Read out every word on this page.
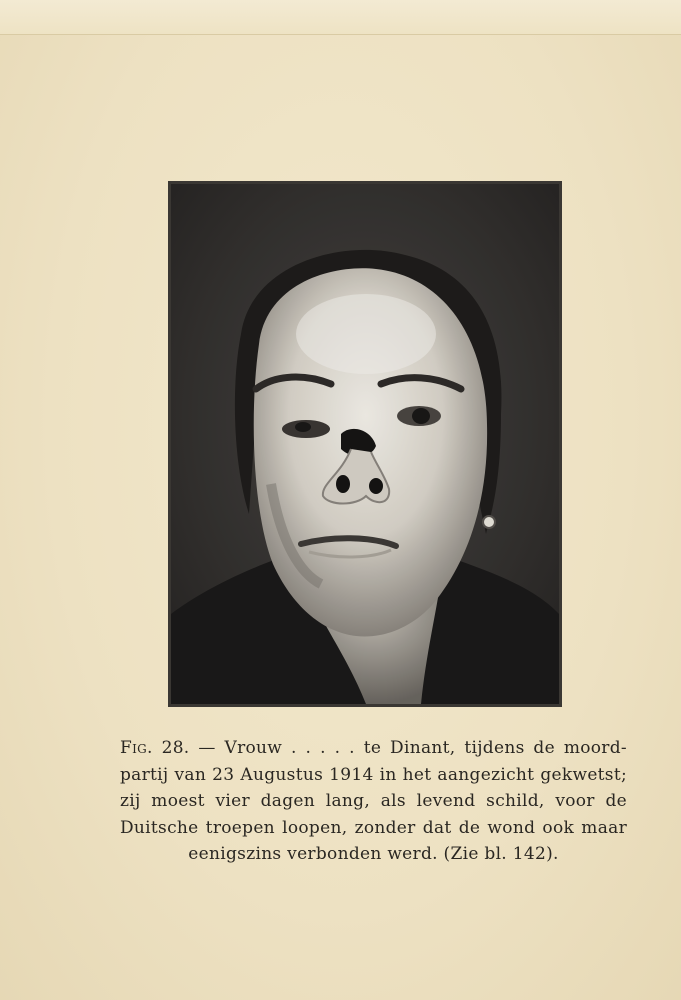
Fig. 28. — Vrouw . . . . . te Dinant, tijdens de moord-
partij van 23 Augustus 1914 in het aangezicht gekwetst;
zij moest vier dagen lang, als levend schild, voor de
Duitsche troepen loopen, zonder dat de wond ook maar
eenigszins verbonden werd. (Zie bl. 142).
